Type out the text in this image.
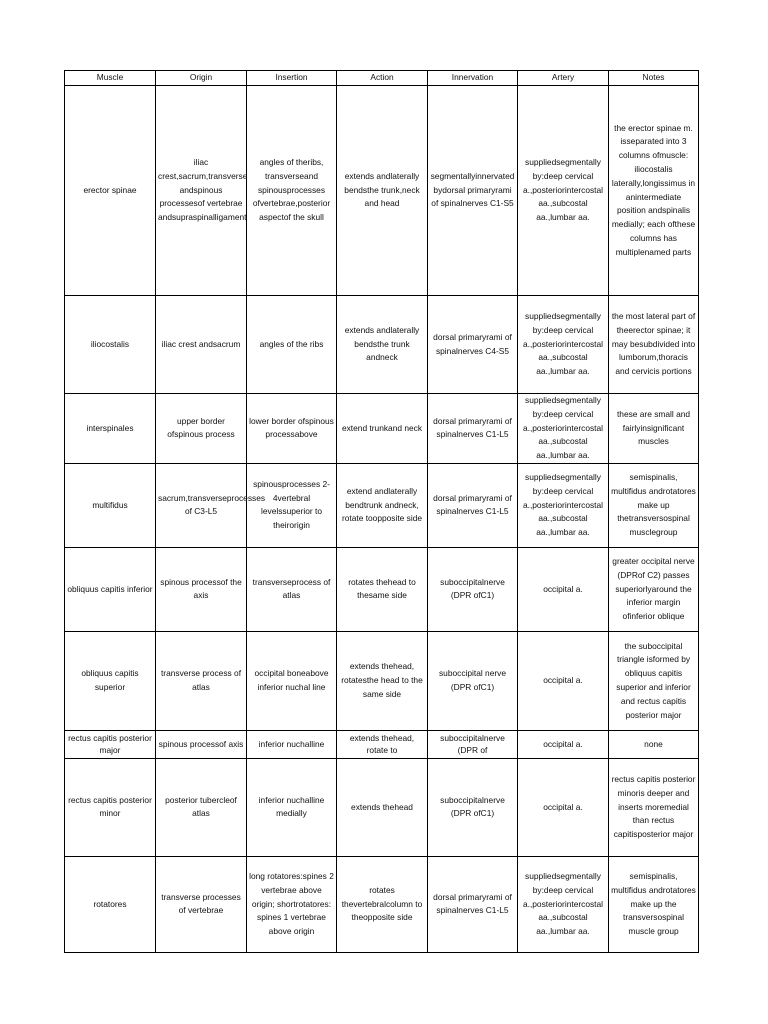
Muscle	Origin	Insertion	Action	Innervation	Artery	Notes
erector spinae	iliac crest,sacrum,transverse andspinous processesof vertebrae andsupraspinalligament	angles of theribs, transverseand spinousprocesses ofvertebrae,posterior aspectof the skull	extends andlaterally bendsthe trunk,neck and head	segmentallyinnervated bydorsal primaryrami of spinalnerves C1-S5	suppliedsegmentally by:deep cervical a.,posteriorintercostal aa.,subcostal aa.,lumbar aa.	the erector spinae m. isseparated into 3 columns ofmuscle: iliocostalis laterally,longissimus in anintermediate position andspinalis medially; each ofthese columns has multiplenamed parts
iliocostalis	iliac crest andsacrum	angles of the ribs	extends andlaterally bendsthe trunk andneck	dorsal primaryrami of spinalnerves C4-S5	suppliedsegmentally by:deep cervical a.,posteriorintercostal aa.,subcostal aa.,lumbar aa.	the most lateral part of theerector spinae; it may besubdivided into lumborum,thoracis and cervicis portions
interspinales	upper border ofspinous process	lower border ofspinous processabove	extend trunkand neck	dorsal primaryrami of spinalnerves C1-L5	suppliedsegmentally by:deep cervical a.,posteriorintercostal aa.,subcostal aa.,lumbar aa.	these are small and fairlyinsignificant muscles
multifidus	sacrum,transverseprocesses of C3-L5	spinousprocesses 2-4vertebral levelssuperior to theirorigin	extend andlaterally bendtrunk andneck, rotate toopposite side	dorsal primaryrami of spinalnerves C1-L5	suppliedsegmentally by:deep cervical a.,posteriorintercostal aa.,subcostal aa.,lumbar aa.	semispinalis, multifidus androtatores make up thetransversospinal musclegroup
obliquus capitis inferior	spinous processof the axis	transverseprocess of atlas	rotates thehead to thesame side	suboccipitalnerve (DPR ofC1)	occipital a.	greater occipital nerve (DPRof C2) passes superiorlyaround the inferior margin ofinferior oblique
obliquus capitis superior	transverse process of atlas	occipital boneabove inferior nuchal line	extends thehead, rotatesthe head to the same side	suboccipital nerve (DPR ofC1)	occipital a.	the suboccipital triangle isformed by obliquus capitis superior and inferior and rectus capitis posterior major
rectus capitis posterior major	spinous processof axis	inferior nuchalline	extends thehead, rotate to	suboccipitalnerve (DPR of	occipital a.	none
rectus capitis posterior minor	posterior tubercleof atlas	inferior nuchalline medially	extends thehead	suboccipitalnerve (DPR ofC1)	occipital a.	rectus capitis posterior minoris deeper and inserts moremedial than rectus capitisposterior major
rotatores	transverse processes of vertebrae	long rotatores:spines 2 vertebrae above origin; shortrotatores: spines 1 vertebrae above origin	rotates thevertebralcolumn to theopposite side	dorsal primaryrami of spinalnerves C1-L5	suppliedsegmentally by:deep cervical a.,posteriorintercostal aa.,subcostal aa.,lumbar aa.	semispinalis, multifidus androtatores make up the transversospinal muscle group
